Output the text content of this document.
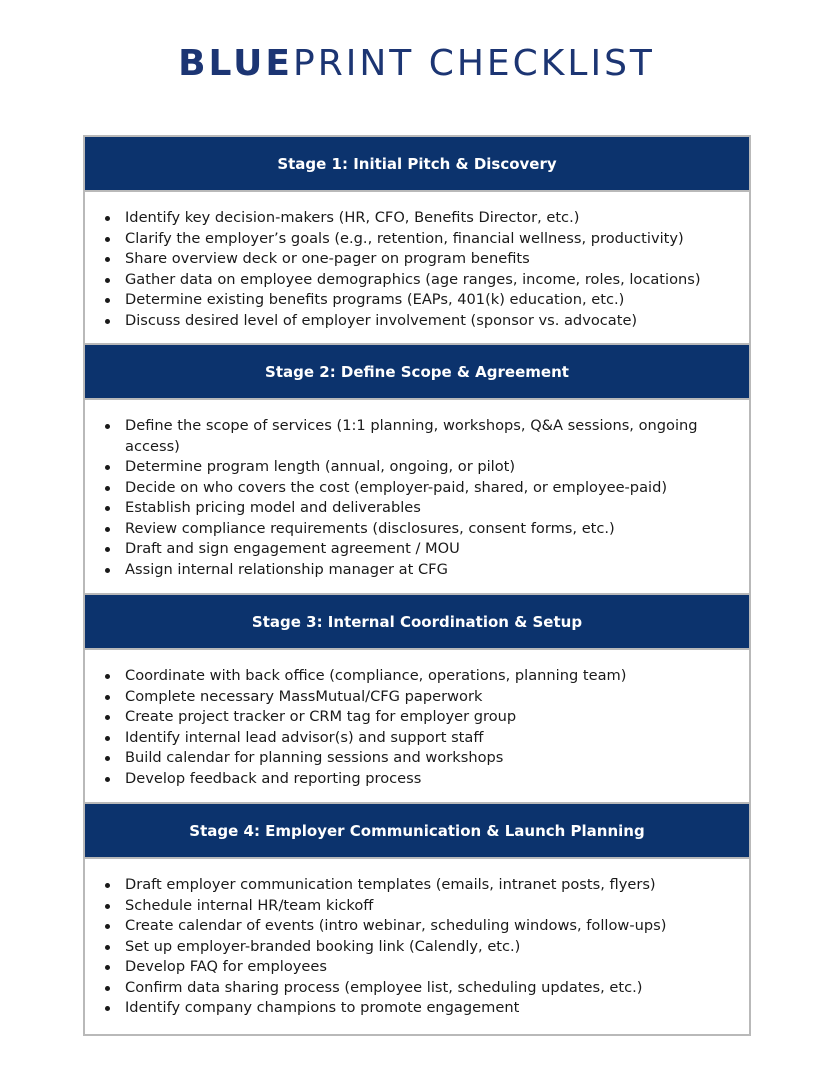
BLUEPRINT CHECKLIST
Stage 1: Initial Pitch & Discovery
Identify key decision-makers (HR, CFO, Benefits Director, etc.)
Clarify the employer’s goals (e.g., retention, financial wellness, productivity)
Share overview deck or one-pager on program benefits
Gather data on employee demographics (age ranges, income, roles, locations)
Determine existing benefits programs (EAPs, 401(k) education, etc.)
Discuss desired level of employer involvement (sponsor vs. advocate)
Stage 2: Define Scope & Agreement
Define the scope of services (1:1 planning, workshops, Q&A sessions, ongoing access)
Determine program length (annual, ongoing, or pilot)
Decide on who covers the cost (employer-paid, shared, or employee-paid)
Establish pricing model and deliverables
Review compliance requirements (disclosures, consent forms, etc.)
Draft and sign engagement agreement / MOU
Assign internal relationship manager at CFG
Stage 3: Internal Coordination & Setup
Coordinate with back office (compliance, operations, planning team)
Complete necessary MassMutual/CFG paperwork
Create project tracker or CRM tag for employer group
Identify internal lead advisor(s) and support staff
Build calendar for planning sessions and workshops
Develop feedback and reporting process
Stage 4: Employer Communication & Launch Planning
Draft employer communication templates (emails, intranet posts, flyers)
Schedule internal HR/team kickoff
Create calendar of events (intro webinar, scheduling windows, follow-ups)
Set up employer-branded booking link (Calendly, etc.)
Develop FAQ for employees
Confirm data sharing process (employee list, scheduling updates, etc.)
Identify company champions to promote engagement
